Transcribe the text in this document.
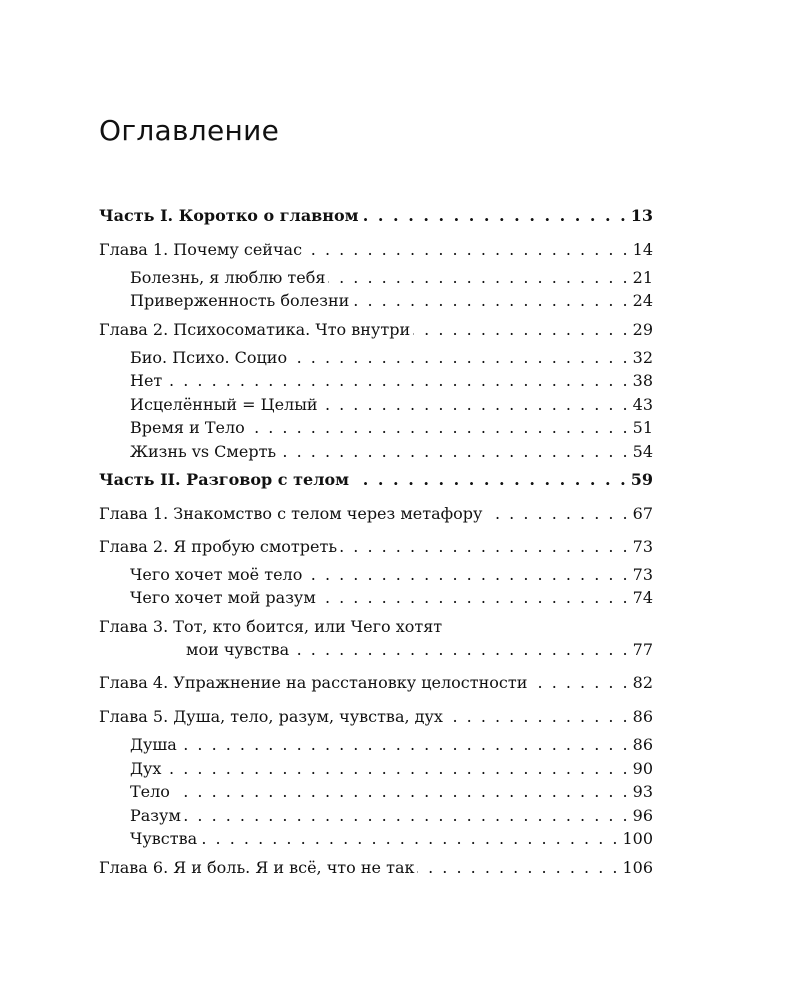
Оглавление
Часть I. Коротко о главном . . .	13
Глава 1. Почему сейчас . . .	14
Болезнь, я люблю тебя . . .	21
Приверженность болезни . . .	24
Глава 2. Психосоматика. Что внутри . . .	29
Био. Психо. Социо . . .	32
Нет . . .	38
Исцелённый = Целый . . .	43
Время и Тело . . .	51
Жизнь vs Смерть . . .	54
Часть II. Разговор с телом . . .	59
Глава 1. Знакомство с телом через метафору . . .	67
Глава 2. Я пробую смотреть . . .	73
Чего хочет моё тело . . .	73
Чего хочет мой разум . . .	74
Глава 3. Тот, кто боится, или Чего хотят
мои чувства . . .	77
Глава 4. Упражнение на расстановку целостности . . .	82
Глава 5. Душа, тело, разум, чувства, дух . . .	86
Душа . . .	86
Дух . . .	90
Тело . . .	93
Разум . . .	96
Чувства . . .	100
Глава 6. Я и боль. Я и всё, что не так . . .	106
